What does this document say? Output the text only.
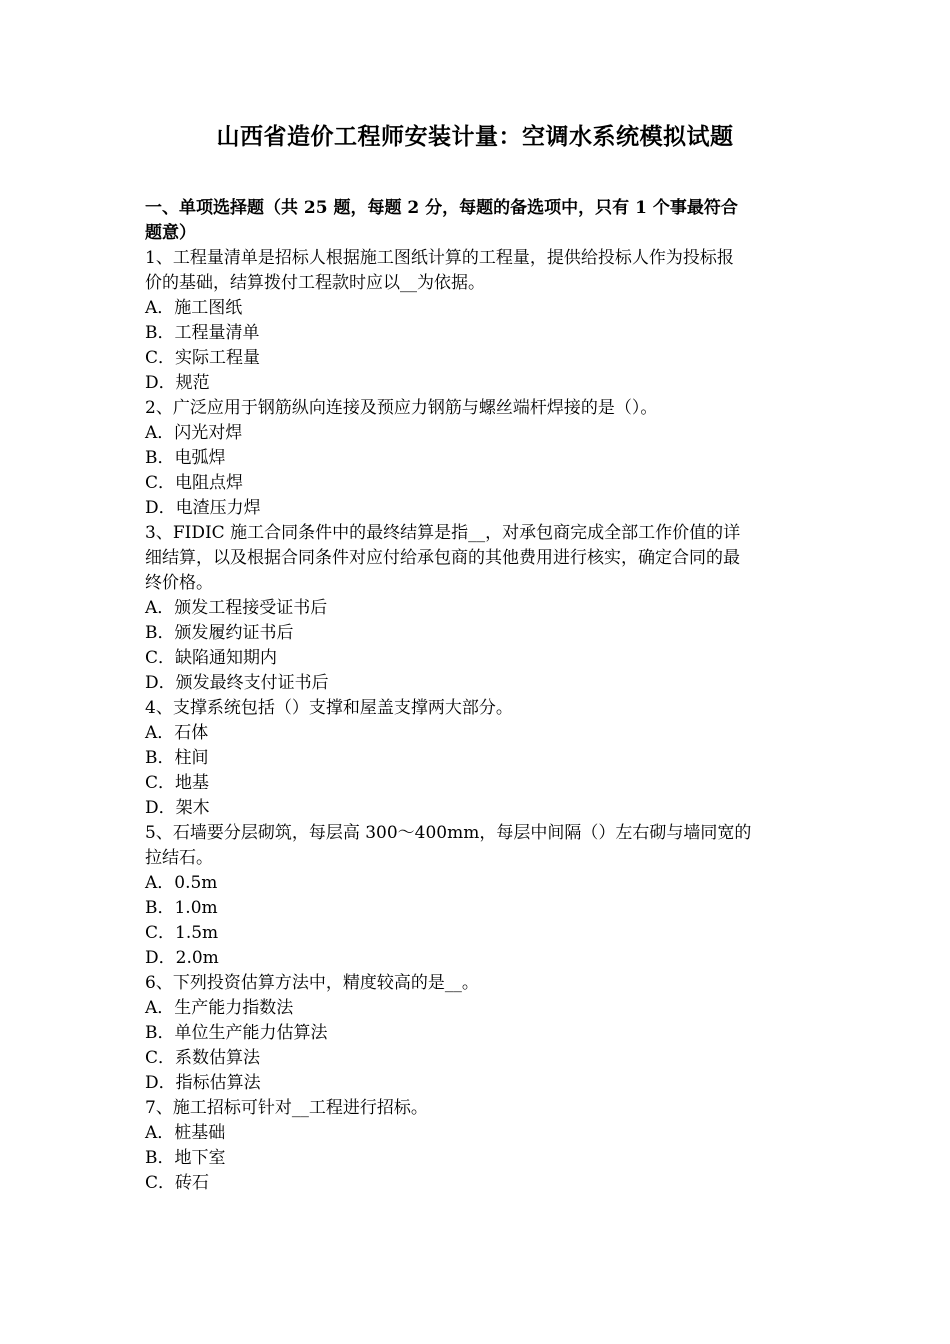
山西省造价工程师安装计量：空调水系统模拟试题
一、单项选择题（共 25 题，每题 2 分，每题的备选项中，只有 1 个事最符合
题意）
1、工程量清单是招标人根据施工图纸计算的工程量，提供给投标人作为投标报
价的基础，结算拨付工程款时应以__为依据。
A．施工图纸
B．工程量清单
C．实际工程量
D．规范
2、广泛应用于钢筋纵向连接及预应力钢筋与螺丝端杆焊接的是（）。
A．闪光对焊
B．电弧焊
C．电阻点焊
D．电渣压力焊
3、FIDIC 施工合同条件中的最终结算是指__，对承包商完成全部工作价值的详
细结算，以及根据合同条件对应付给承包商的其他费用进行核实，确定合同的最
终价格。
A．颁发工程接受证书后
B．颁发履约证书后
C．缺陷通知期内
D．颁发最终支付证书后
4、支撑系统包括（）支撑和屋盖支撑两大部分。
A．石体
B．柱间
C．地基
D．架木
5、石墙要分层砌筑，每层高 300～400mm，每层中间隔（）左右砌与墙同宽的
拉结石。
A．0.5m
B．1.0m
C．1.5m
D．2.0m
6、下列投资估算方法中，精度较高的是__。
A．生产能力指数法
B．单位生产能力估算法
C．系数估算法
D．指标估算法
7、施工招标可针对__工程进行招标。
A．桩基础
B．地下室
C．砖石
